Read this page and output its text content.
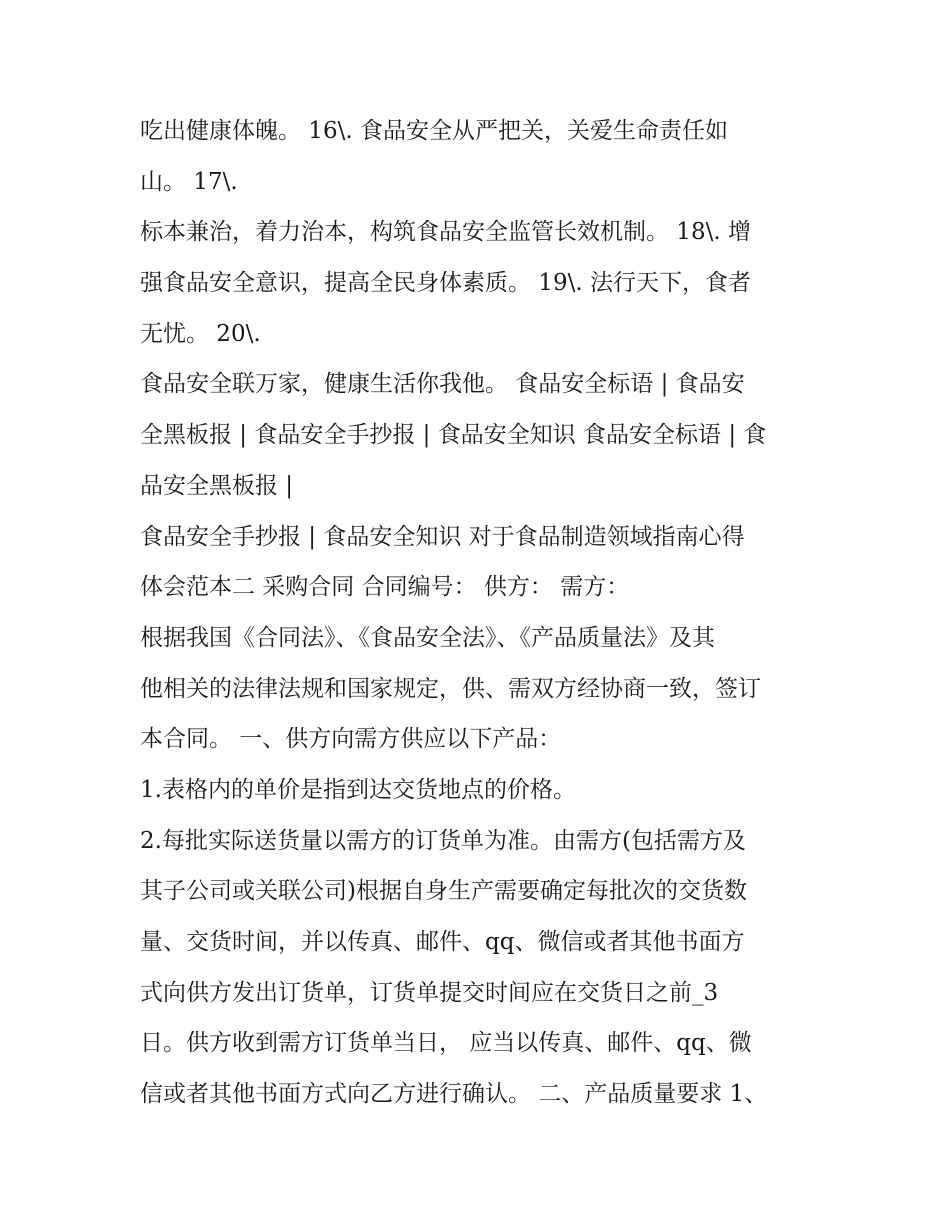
吃出健康体魄。 16\. 食品安全从严把关，关爱生命责任如
山。 17\.
标本兼治，着力治本，构筑食品安全监管长效机制。 18\. 增
强食品安全意识，提高全民身体素质。 19\. 法行天下，食者
无忧。 20\.
食品安全联万家，健康生活你我他。 食品安全标语 | 食品安
全黑板报 | 食品安全手抄报 | 食品安全知识 食品安全标语 | 食
品安全黑板报 |
食品安全手抄报 | 食品安全知识 对于食品制造领域指南心得
体会范本二 采购合同 合同编号： 供方： 需方：
根据我国《合同法》、《食品安全法》、《产品质量法》及其
他相关的法律法规和国家规定，供、需双方经协商一致，签订
本合同。 一、供方向需方供应以下产品：
1.表格内的单价是指到达交货地点的价格。
2.每批实际送货量以需方的订货单为准。由需方(包括需方及
其子公司或关联公司)根据自身生产需要确定每批次的交货数
量、交货时间，并以传真、邮件、qq、微信或者其他书面方
式向供方发出订货单，订货单提交时间应在交货日之前_3
日。供方收到需方订货单当日， 应当以传真、邮件、qq、微
信或者其他书面方式向乙方进行确认。 二、产品质量要求 1、
